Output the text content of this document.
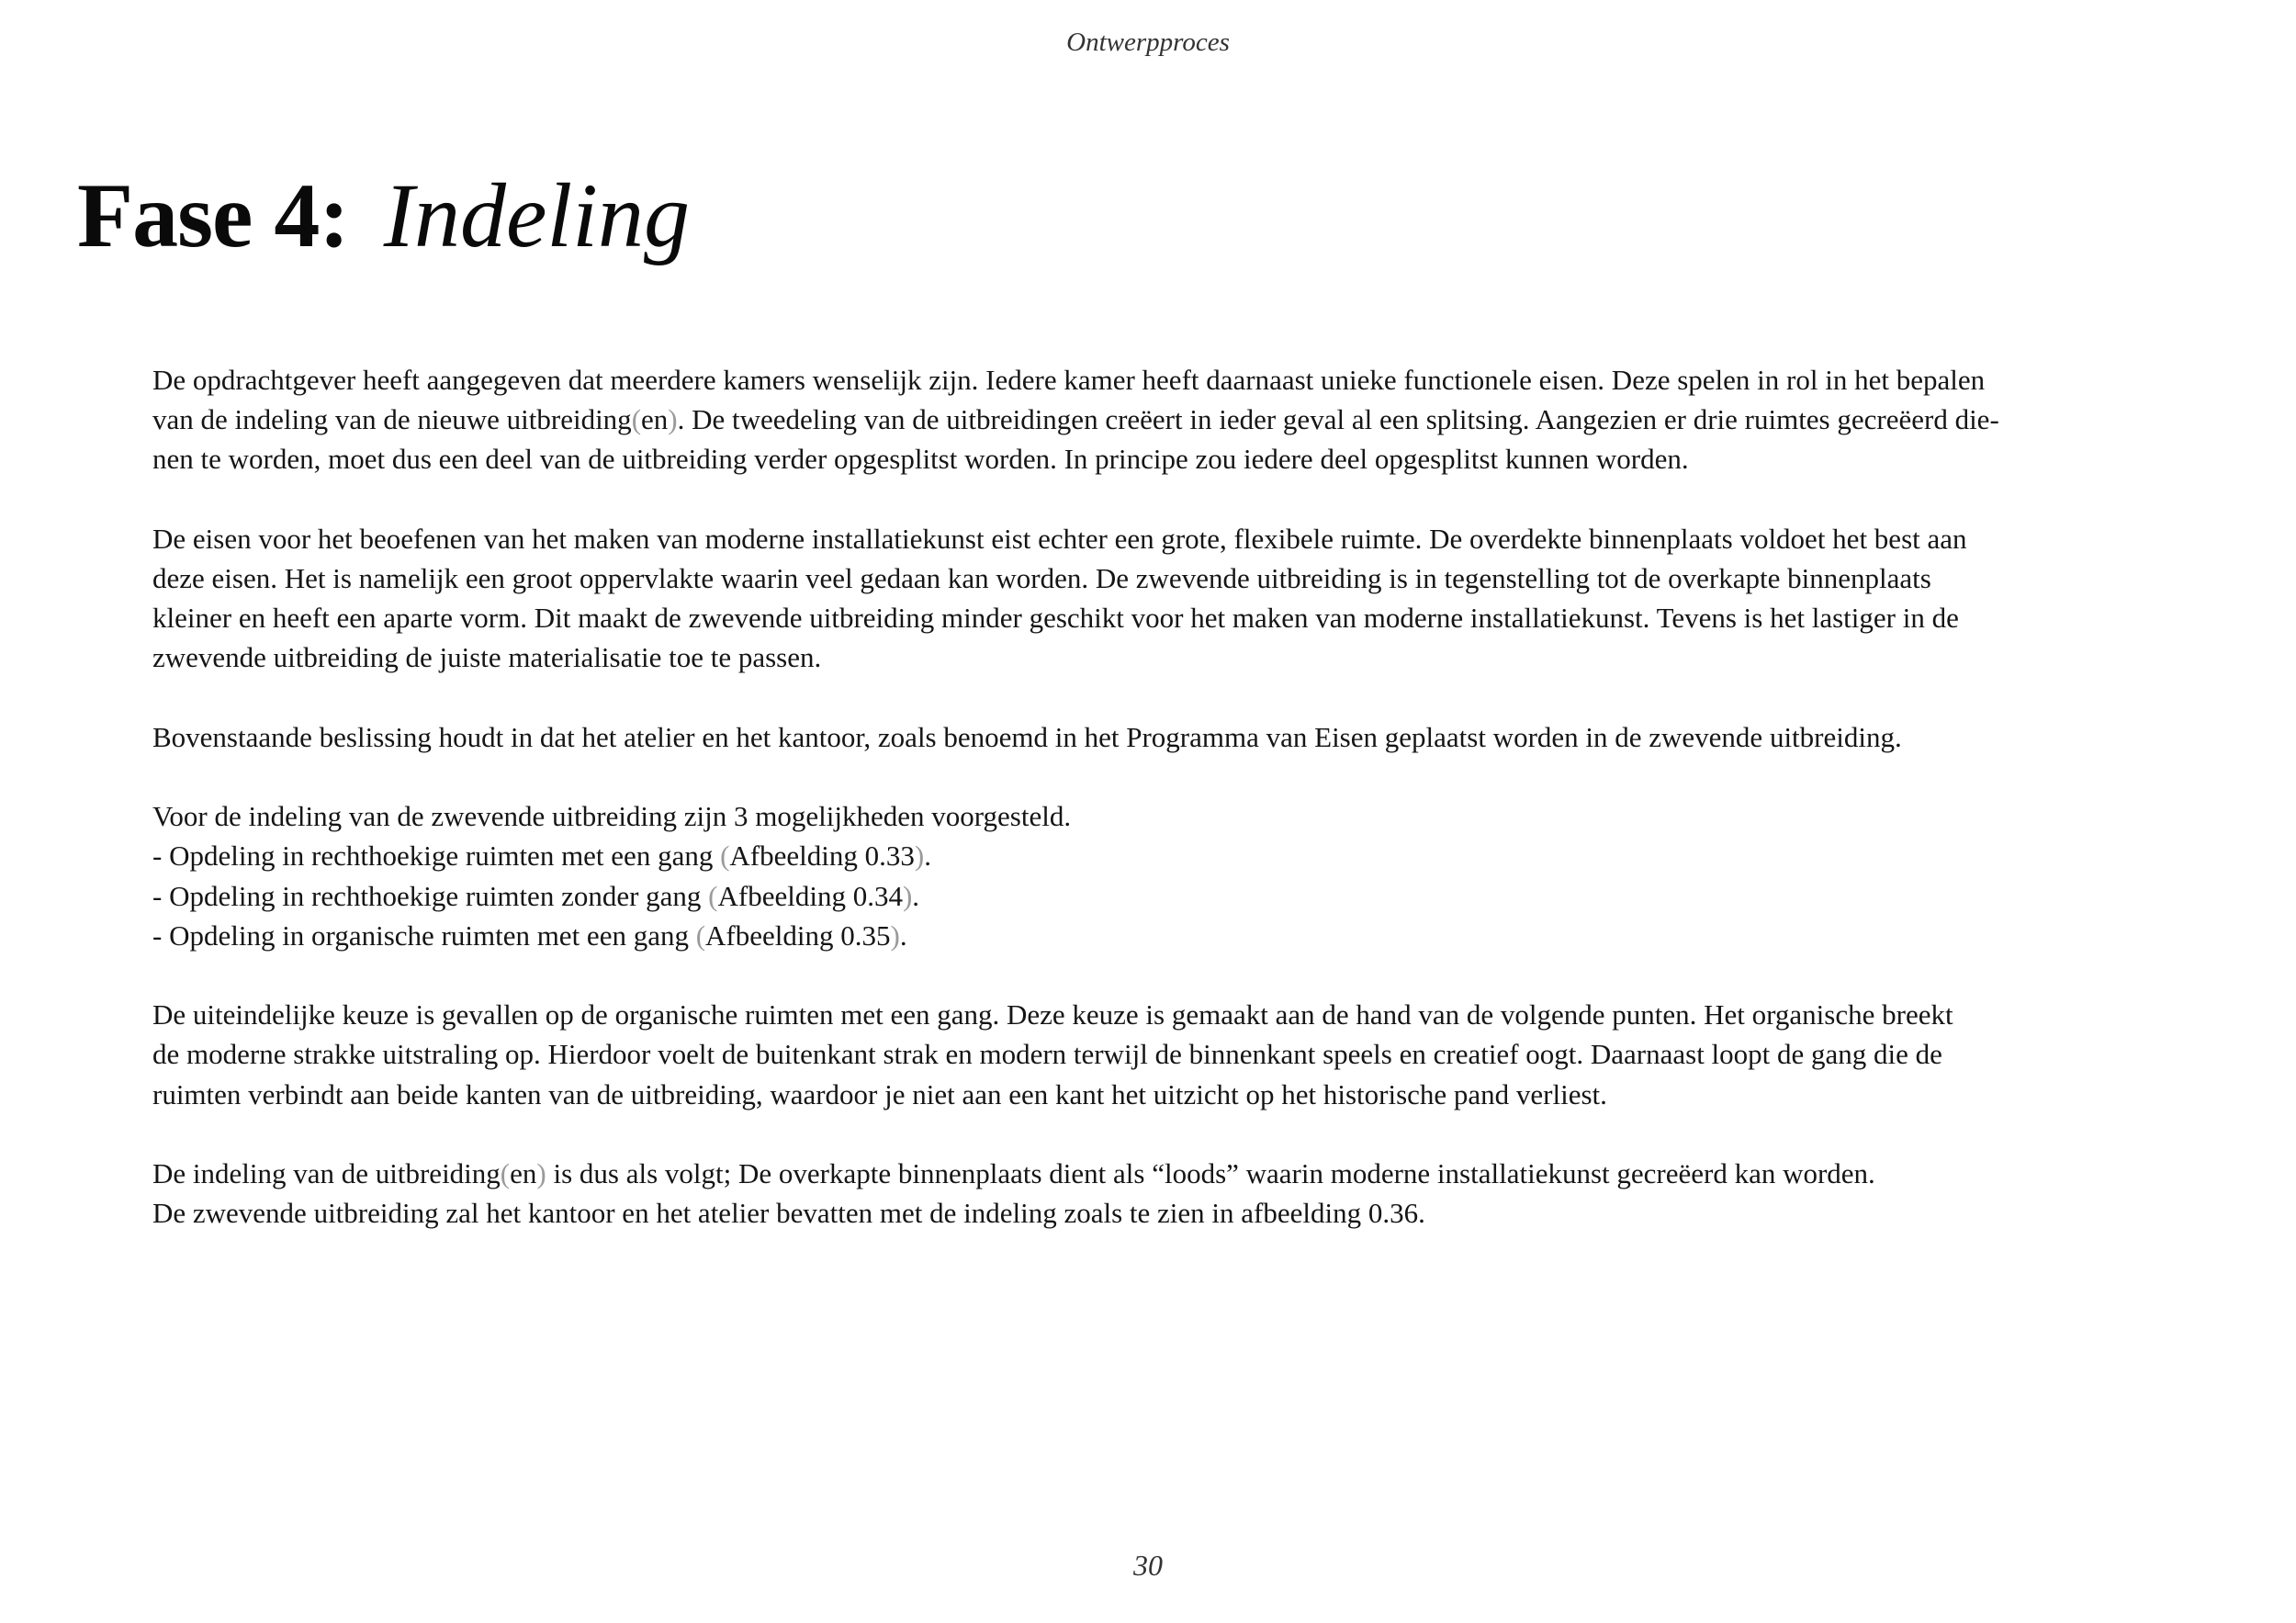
Ontwerpproces
Fase 4: Indeling

De opdrachtgever heeft aangegeven dat meerdere kamers wenselijk zijn. Iedere kamer heeft daarnaast unieke functionele eisen. Deze spelen in rol in het bepalen
van de indeling van de nieuwe uitbreiding(en). De tweedeling van de uitbreidingen creëert in ieder geval al een splitsing. Aangezien er drie ruimtes gecreëerd die-
nen te worden, moet dus een deel van de uitbreiding verder opgesplitst worden. In principe zou iedere deel opgesplitst kunnen worden.

De eisen voor het beoefenen van het maken van moderne installatiekunst eist echter een grote, flexibele ruimte. De overdekte binnenplaats voldoet het best aan
deze eisen. Het is namelijk een groot oppervlakte waarin veel gedaan kan worden. De zwevende uitbreiding is in tegenstelling tot de overkapte binnenplaats
kleiner en heeft een aparte vorm. Dit maakt de zwevende uitbreiding minder geschikt voor het maken van moderne installatiekunst. Tevens is het lastiger in de
zwevende uitbreiding de juiste materialisatie toe te passen.

Bovenstaande beslissing houdt in dat het atelier en het kantoor, zoals benoemd in het Programma van Eisen geplaatst worden in de zwevende uitbreiding.

Voor de indeling van de zwevende uitbreiding zijn 3 mogelijkheden voorgesteld.
- Opdeling in rechthoekige ruimten met een gang (Afbeelding 0.33).
- Opdeling in rechthoekige ruimten zonder gang (Afbeelding 0.34).
- Opdeling in organische ruimten met een gang (Afbeelding 0.35).

De uiteindelijke keuze is gevallen op de organische ruimten met een gang. Deze keuze is gemaakt aan de hand van de volgende punten. Het organische breekt
de moderne strakke uitstraling op. Hierdoor voelt de buitenkant strak en modern terwijl de binnenkant speels en creatief oogt. Daarnaast loopt de gang die de
ruimten verbindt aan beide kanten van de uitbreiding, waardoor je niet aan een kant het uitzicht op het historische pand verliest.

De indeling van de uitbreiding(en) is dus als volgt; De overkapte binnenplaats dient als “loods” waarin moderne installatiekunst gecreëerd kan worden.
De zwevende uitbreiding zal het kantoor en het atelier bevatten met de indeling zoals te zien in afbeelding 0.36.

30
